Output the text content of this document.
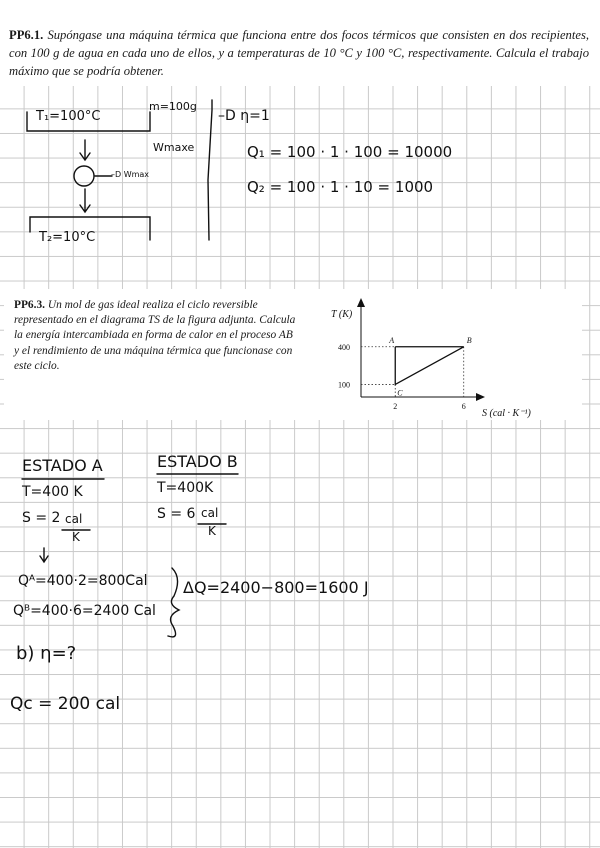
PP6.1. Supóngase una máquina térmica que funciona entre dos focos térmicos que consisten en dos recipientes, con 100 g de agua en cada uno de ellos, y a temperaturas de 10 °C y 100 °C, respectivamente. Calcula el trabajo máximo que se podría obtener.
T₁=100°C
m=100g
Wmaxe
–D Wmax
T₂=10°C
–D η=1
Q₁ = 100 · 1 · 100 = 10000
Q₂ = 100 · 1 · 10 = 1000
PP6.3. Un mol de gas ideal realiza el ciclo reversible representado en el diagrama TS de la figura adjunta. Calcula la energía intercambiada en forma de calor en el proceso AB y el rendimiento de una máquina térmica que funcionase con este ciclo.
T (K)
S (cal · K⁻¹)
A	B
C
400
100
2	6
ESTADO A	ESTADO B
T=400 K	T=400K
S = 2 cal
K
S = 6 cal
K
Qᴬ=400·2=800Cal
Qᴮ=400·6=2400 Cal
ΔQ=2400−800=1600 J
b) η=?
Qc = 200 cal
